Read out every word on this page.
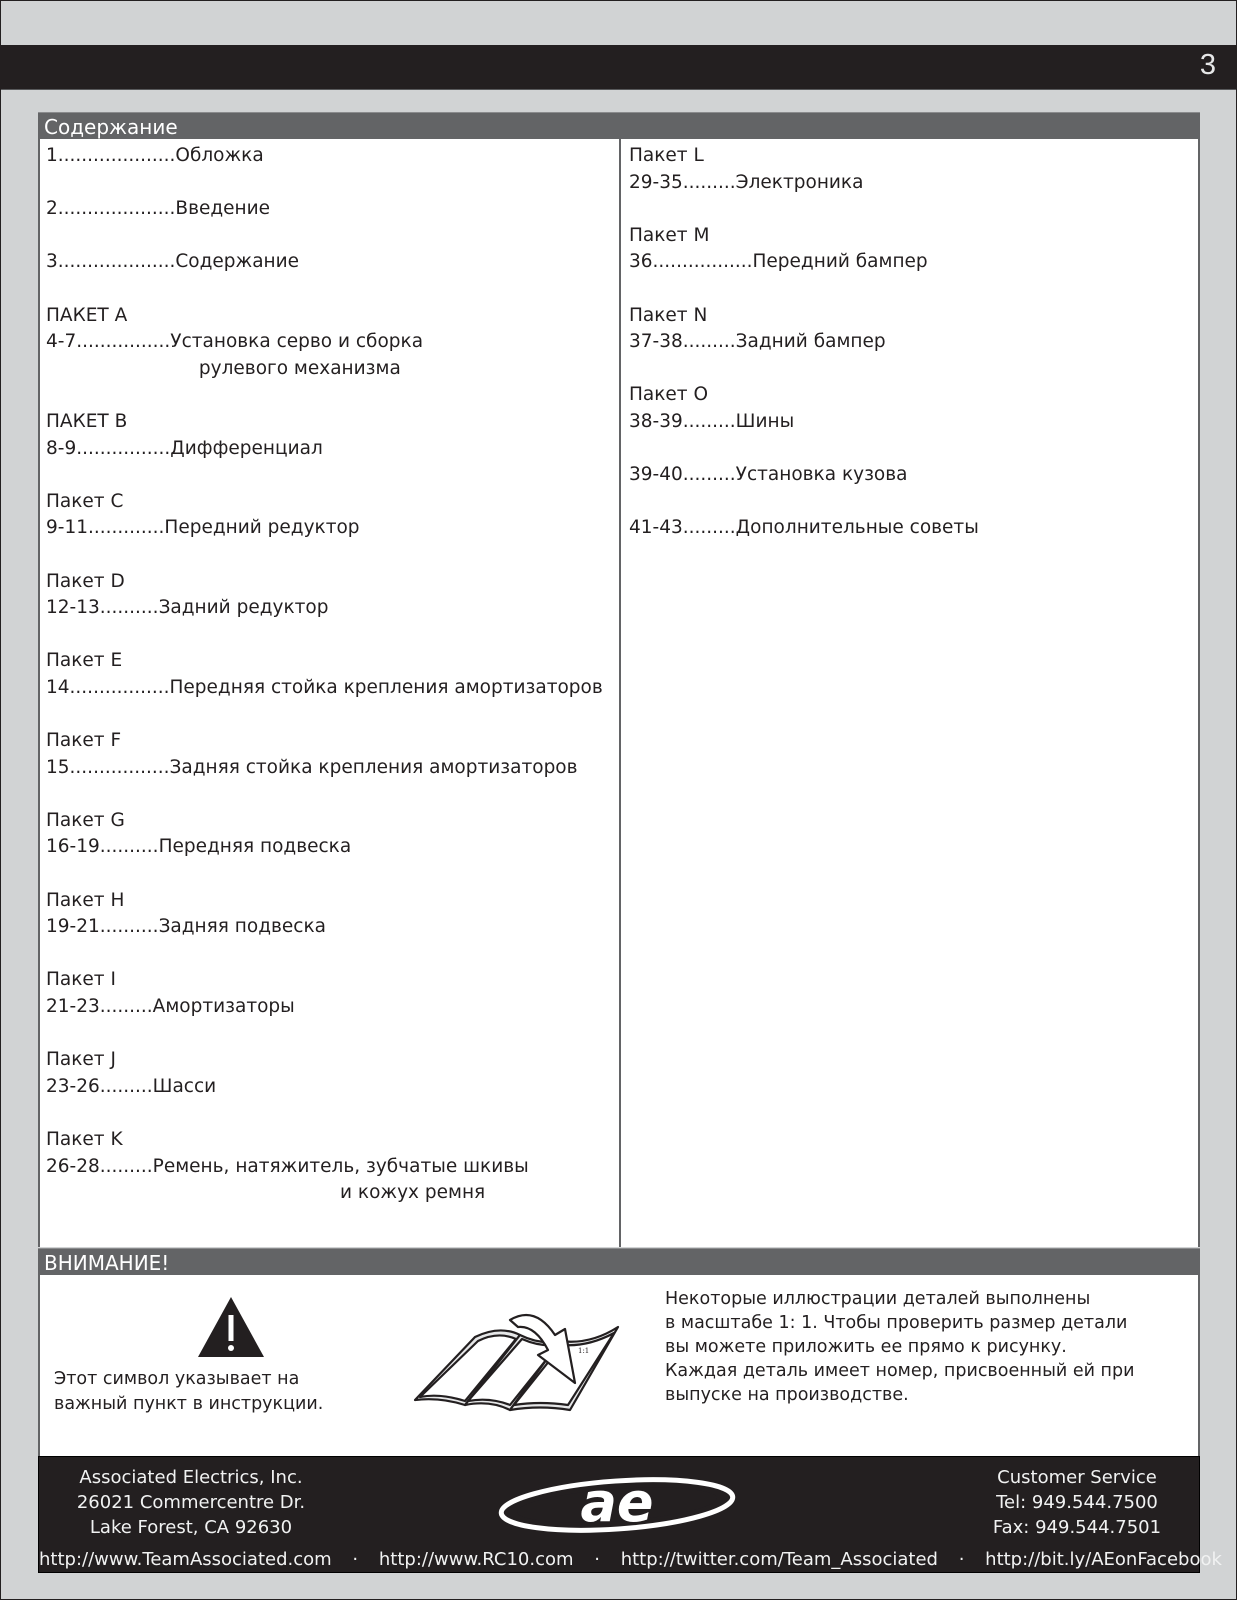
3
Содержание
1....................Обложка
2....................Введение
3....................Содержание
ПАКЕТ A
4-7................Установка серво и сборка
рулевого механизма
ПАКЕТ B
8-9................Дифференциал
Пакет C
9-11.............Передний редуктор
Пакет D
12-13..........Задний редуктор
Пакет E
14.................Передняя стойка крепления амортизаторов
Пакет F
15.................Задняя стойка крепления амортизаторов
Пакет G
16-19..........Передняя подвеска
Пакет H
19-21..........Задняя подвеска
Пакет I
21-23.........Амортизаторы
Пакет J
23-26.........Шасси
Пакет K
26-28.........Ремень, натяжитель, зубчатые шкивы
и кожух ремня
Пакет L
29-35.........Электроника
Пакет M
36.................Передний бампер
Пакет N
37-38.........Задний бампер
Пакет O
38-39.........Шины
39-40.........Установка кузова
41-43.........Дополнительные советы
ВНИМАНИЕ!
Этот символ указывает на
важный пункт в инструкции.
1:1
Некоторые иллюстрации деталей выполнены
в масштабе 1: 1. Чтобы проверить размер детали
вы можете приложить ее прямо к рисунку.
Каждая деталь имеет номер, присвоенный ей при
выпуске на производстве.
Associated Electrics, Inc.
26021 Commercentre Dr.
Lake Forest, CA 92630	ae	Customer Service
Tel: 949.544.7500
Fax: 949.544.7501
http://www.TeamAssociated.com · http://www.RC10.com · http://twitter.com/Team_Associated · http://bit.ly/AEonFacebook
